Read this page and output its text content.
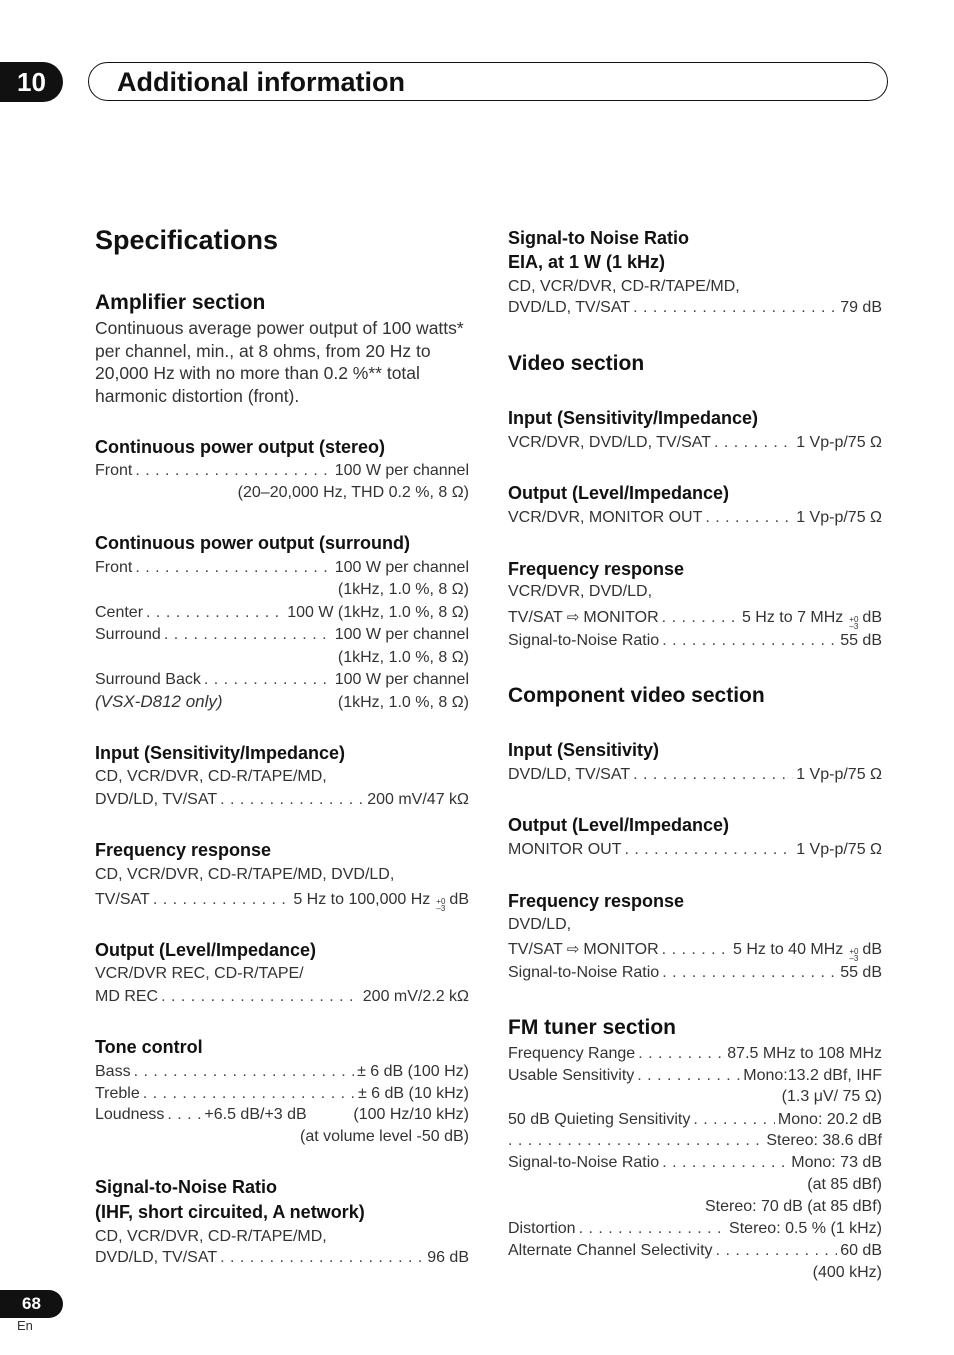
10	Additional information
Specifications
Amplifier section

Continuous average power output of 100 watts* per channel, min., at 8 ohms, from 20 Hz to 20,000 Hz with no more than 0.2 %** total harmonic distortion (front).

Continuous power output (stereo)
Front . . .	100 W per channel
(20–20,000 Hz, THD 0.2 %, 8 Ω)
Continuous power output (surround)
Front . . .	100 W per channel
(1kHz, 1.0 %, 8 Ω)
Center . . .	100 W (1kHz, 1.0 %, 8 Ω)
Surround . . .	100 W per channel
(1kHz, 1.0 %, 8 Ω)
Surround Back . . .	100 W per channel
(VSX-D812 only)	(1kHz, 1.0 %, 8 Ω)
Input (Sensitivity/Impedance)
CD, VCR/DVR, CD-R/TAPE/MD,
DVD/LD, TV/SAT . . .	200 mV/47 kΩ
Frequency response
CD, VCR/DVR, CD-R/TAPE/MD, DVD/LD,
TV/SAT . . .	5 Hz to 100,000 Hz +0
–3
dB
Output (Level/Impedance)
VCR/DVR REC, CD-R/TAPE/
MD REC . . .	200 mV/2.2 kΩ
Tone control
Bass . . .	± 6 dB (100 Hz)
Treble . . .	± 6 dB (10 kHz)
Loudness . . .	+6.5 dB/+3 dB	(100 Hz/10 kHz)
(at volume level -50 dB)
Signal-to-Noise Ratio
(IHF, short circuited, A network)
CD, VCR/DVR, CD-R/TAPE/MD,
DVD/LD, TV/SAT . . .	96 dB
Signal-to Noise Ratio
EIA, at 1 W (1 kHz)
CD, VCR/DVR, CD-R/TAPE/MD,
DVD/LD, TV/SAT . . .	79 dB
Video section
Input (Sensitivity/Impedance)
VCR/DVR, DVD/LD, TV/SAT . . .	1 Vp-p/75 Ω
Output (Level/Impedance)
VCR/DVR, MONITOR OUT . . .	1 Vp-p/75 Ω
Frequency response
VCR/DVR, DVD/LD,
TV/SAT ⇨ MONITOR . . .	5 Hz to 7 MHz +0
–3
dB
Signal-to-Noise Ratio . . .	55 dB
Component video section
Input (Sensitivity)
DVD/LD, TV/SAT . . .	1 Vp-p/75 Ω
Output (Level/Impedance)
MONITOR OUT . . .	1 Vp-p/75 Ω
Frequency response
DVD/LD,
TV/SAT ⇨ MONITOR . . .	5 Hz to 40 MHz +0
–3
dB
Signal-to-Noise Ratio . . .	55 dB
FM tuner section
Frequency Range . . .	87.5 MHz to 108 MHz
Usable Sensitivity . . .	Mono:13.2 dBf, IHF
(1.3 μV/ 75 Ω)
50 dB Quieting Sensitivity . . .	Mono: 20.2 dB
. . .
Stereo: 38.6 dBf
Signal-to-Noise Ratio . . .	Mono: 73 dB
(at 85 dBf)
Stereo: 70 dB (at 85 dBf)
Distortion . . .	Stereo: 0.5 % (1 kHz)
Alternate Channel Selectivity . . .	60 dB
(400 kHz)
68
En
